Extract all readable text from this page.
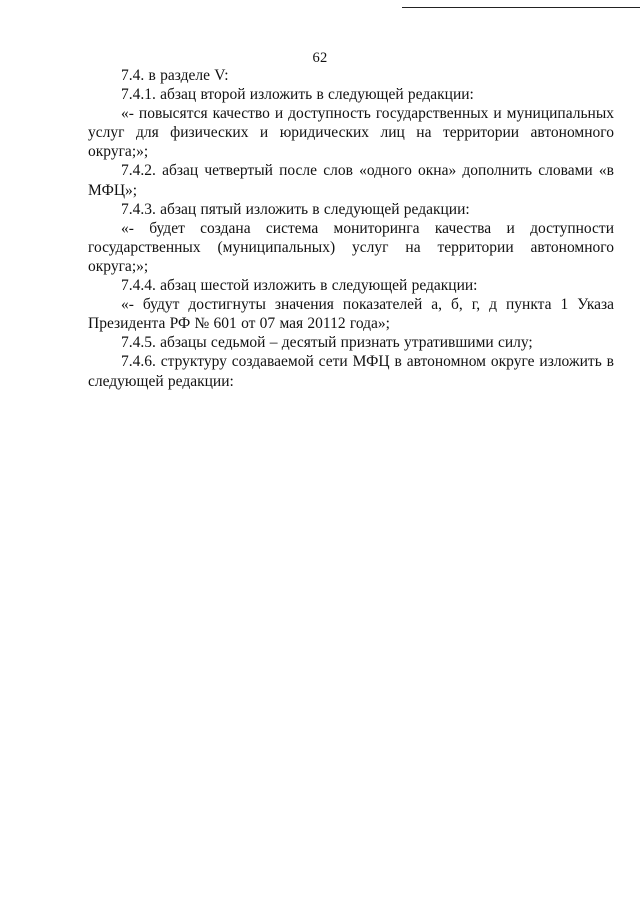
62

7.4. в разделе V:

7.4.1. абзац второй изложить в следующей редакции:

«- повысятся качество и доступность государственных и муниципальных услуг для физических и юридических лиц на территории автономного округа;»;

7.4.2. абзац четвертый после слов «одного окна» дополнить словами «в МФЦ»;

7.4.3. абзац пятый изложить в следующей редакции:

«- будет создана система мониторинга качества и доступности государственных (муниципальных) услуг на территории автономного округа;»;

7.4.4. абзац шестой изложить в следующей редакции:

«- будут достигнуты значения показателей а, б, г, д пункта 1 Указа Президента РФ № 601 от 07 мая 20112 года»;

7.4.5. абзацы седьмой – десятый признать утратившими силу;

7.4.6. структуру создаваемой сети МФЦ в автономном округе изложить в следующей редакции:
